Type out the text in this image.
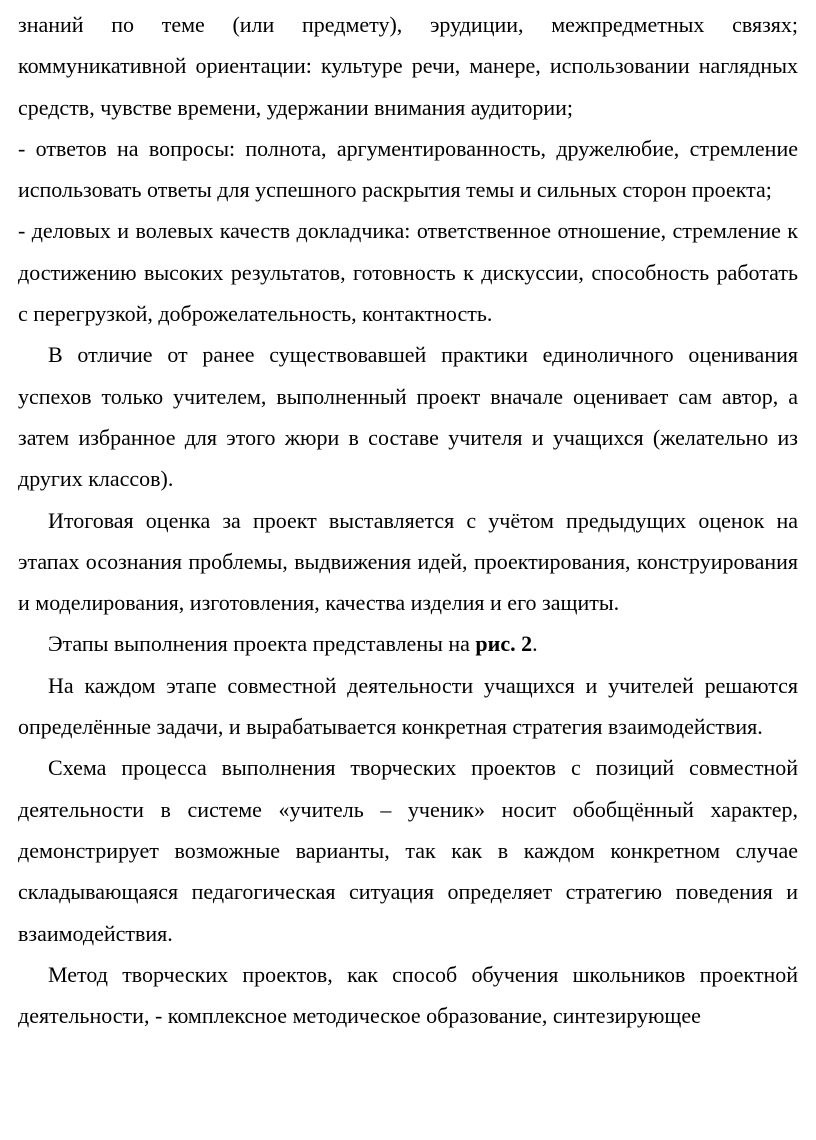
знаний по теме (или предмету), эрудиции, межпредметных связях; коммуникативной ориентации: культуре речи, манере, использовании наглядных средств, чувстве времени, удержании внимания аудитории;

- ответов на вопросы: полнота, аргументированность, дружелюбие, стремление использовать ответы для успешного раскрытия темы и сильных сторон проекта;

- деловых и волевых качеств докладчика: ответственное отношение, стремление к достижению высоких результатов, готовность к дискуссии, способность работать с перегрузкой, доброжелательность, контактность.

В отличие от ранее существовавшей практики единоличного оценивания успехов только учителем, выполненный проект вначале оценивает сам автор, а затем избранное для этого жюри в составе учителя и учащихся (желательно из других классов).

Итоговая оценка за проект выставляется с учётом предыдущих оценок на этапах осознания проблемы, выдвижения идей, проектирования, конструирования и моделирования, изготовления, качества изделия и его защиты.

Этапы выполнения проекта представлены на рис. 2.

На каждом этапе совместной деятельности учащихся и учителей решаются определённые задачи, и вырабатывается конкретная стратегия взаимодействия.

Схема процесса выполнения творческих проектов с позиций совместной деятельности в системе «учитель – ученик» носит обобщённый характер, демонстрирует возможные варианты, так как в каждом конкретном случае складывающаяся педагогическая ситуация определяет стратегию поведения и взаимодействия.

Метод творческих проектов, как способ обучения школьников проектной деятельности, - комплексное методическое образование, синтезирующее
